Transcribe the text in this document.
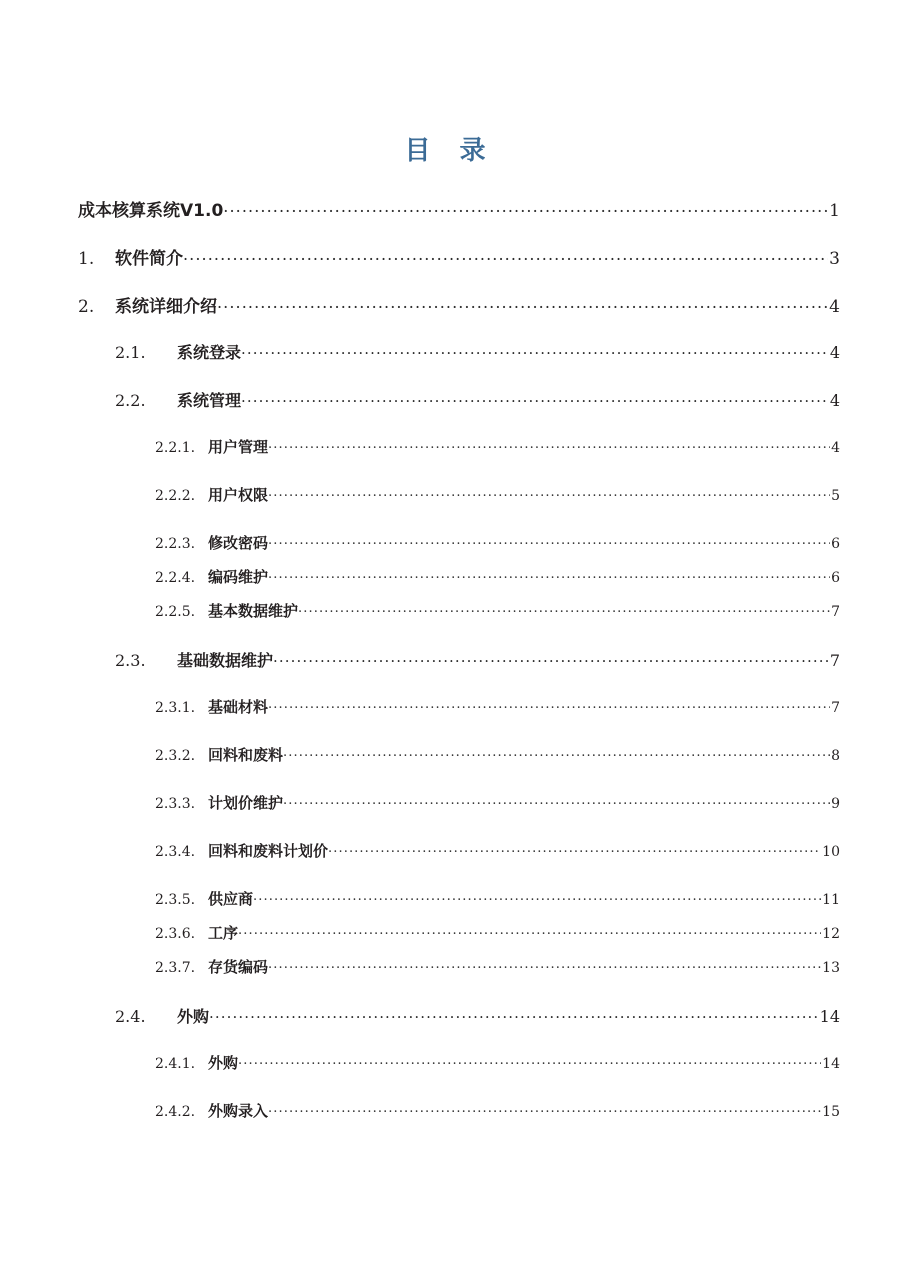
目 录
成本核算系统V1.0 .....	1
1.	软件简介 .....	3
2.	系统详细介绍 .....	4
2.1.	系统登录 .....	4
2.2.	系统管理 .....	4
2.2.1. 用户管理 .....	4
2.2.2. 用户权限 .....	5
2.2.3. 修改密码 .....	6
2.2.4. 编码维护 .....	6
2.2.5. 基本数据维护 .....	7
2.3.	基础数据维护 .....	7
2.3.1. 基础材料 .....	7
2.3.2. 回料和废料 .....	8
2.3.3. 计划价维护 .....	9
2.3.4. 回料和废料计划价 .....	10
2.3.5. 供应商 .....	11
2.3.6. 工序 .....	12
2.3.7. 存货编码 .....	13
2.4.	外购 .....	14
2.4.1. 外购 .....	14
2.4.2. 外购录入 .....	15
